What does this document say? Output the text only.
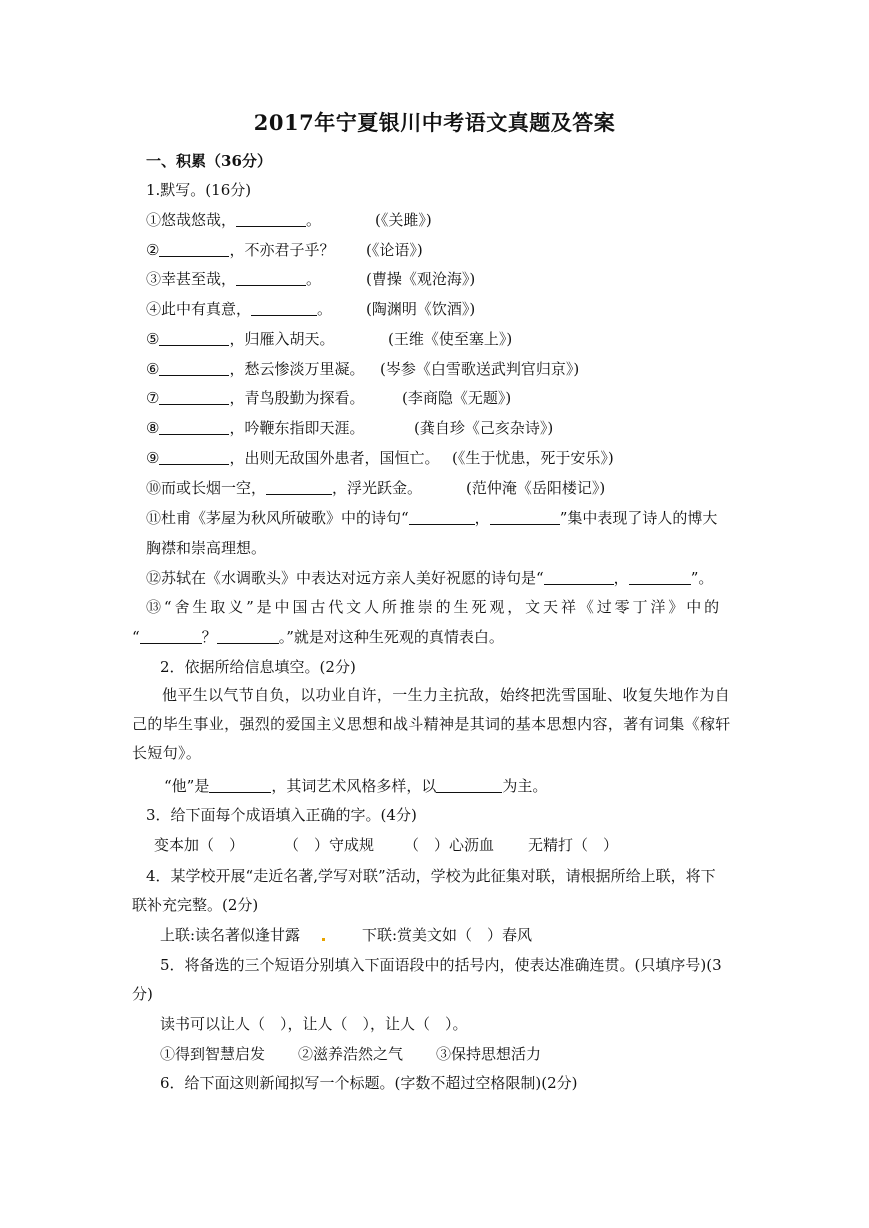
2017年宁夏银川中考语文真题及答案
一、积累（36分）
1.默写。(16分)
①悠哉悠哉，	。	(《关雎》)
②	，不亦君子乎？ (《论语》)
③幸甚至哉，	。	(曹操《观沧海》)
④此中有真意，	。 (陶渊明《饮酒》)
⑤	，归雁入胡天。	(王维《使至塞上》)
⑥	，愁云惨淡万里凝。 (岑参《白雪歌送武判官归京》)
⑦	，青鸟殷勤为探看。	(李商隐《无题》)
⑧	，吟鞭东指即天涯。	(龚自珍《己亥杂诗》)
⑨	，出则无敌国外患者，国恒亡。 (《生于忧患，死于安乐》)
⑩而或长烟一空，	，浮光跃金。	(范仲淹《岳阳楼记》)
⑪杜甫《茅屋为秋风所破歌》中的诗句“	，	”集中表现了诗人的博大
胸襟和崇高理想。
⑫苏轼在《水调歌头》中表达对远方亲人美好祝愿的诗句是“	，	”。
⑬“舍生取义”是中国古代文人所推崇的生死观，文天祥《过零丁洋》中的
“	？	。”就是对这种生死观的真情表白。
2．依据所给信息填空。(2分)
他平生以气节自负，以功业自许，一生力主抗敌，始终把洗雪国耻、收复失地作为自己的毕生事业，强烈的爱国主义思想和战斗精神是其词的基本思想内容，著有词集《稼轩长短句》。
“他”是	，其词艺术风格多样，以	为主。
3．给下面每个成语填入正确的字。(4分)
变本加（　）	（　）守成规 （　）心沥血 无精打（　）
4．某学校开展“走近名著,学写对联”活动，学校为此征集对联，请根据所给上联，将下
联补充完整。(2分)
上联:读名著似逢甘露	下联:赏美文如（　）春风
5．将备选的三个短语分别填入下面语段中的括号内，使表达准确连贯。(只填序号)(3
分)
读书可以让人（　），让人（　），让人（　）。
①得到智慧启发 ②滋养浩然之气 ③保持思想活力
6．给下面这则新闻拟写一个标题。(字数不超过空格限制)(2分)
